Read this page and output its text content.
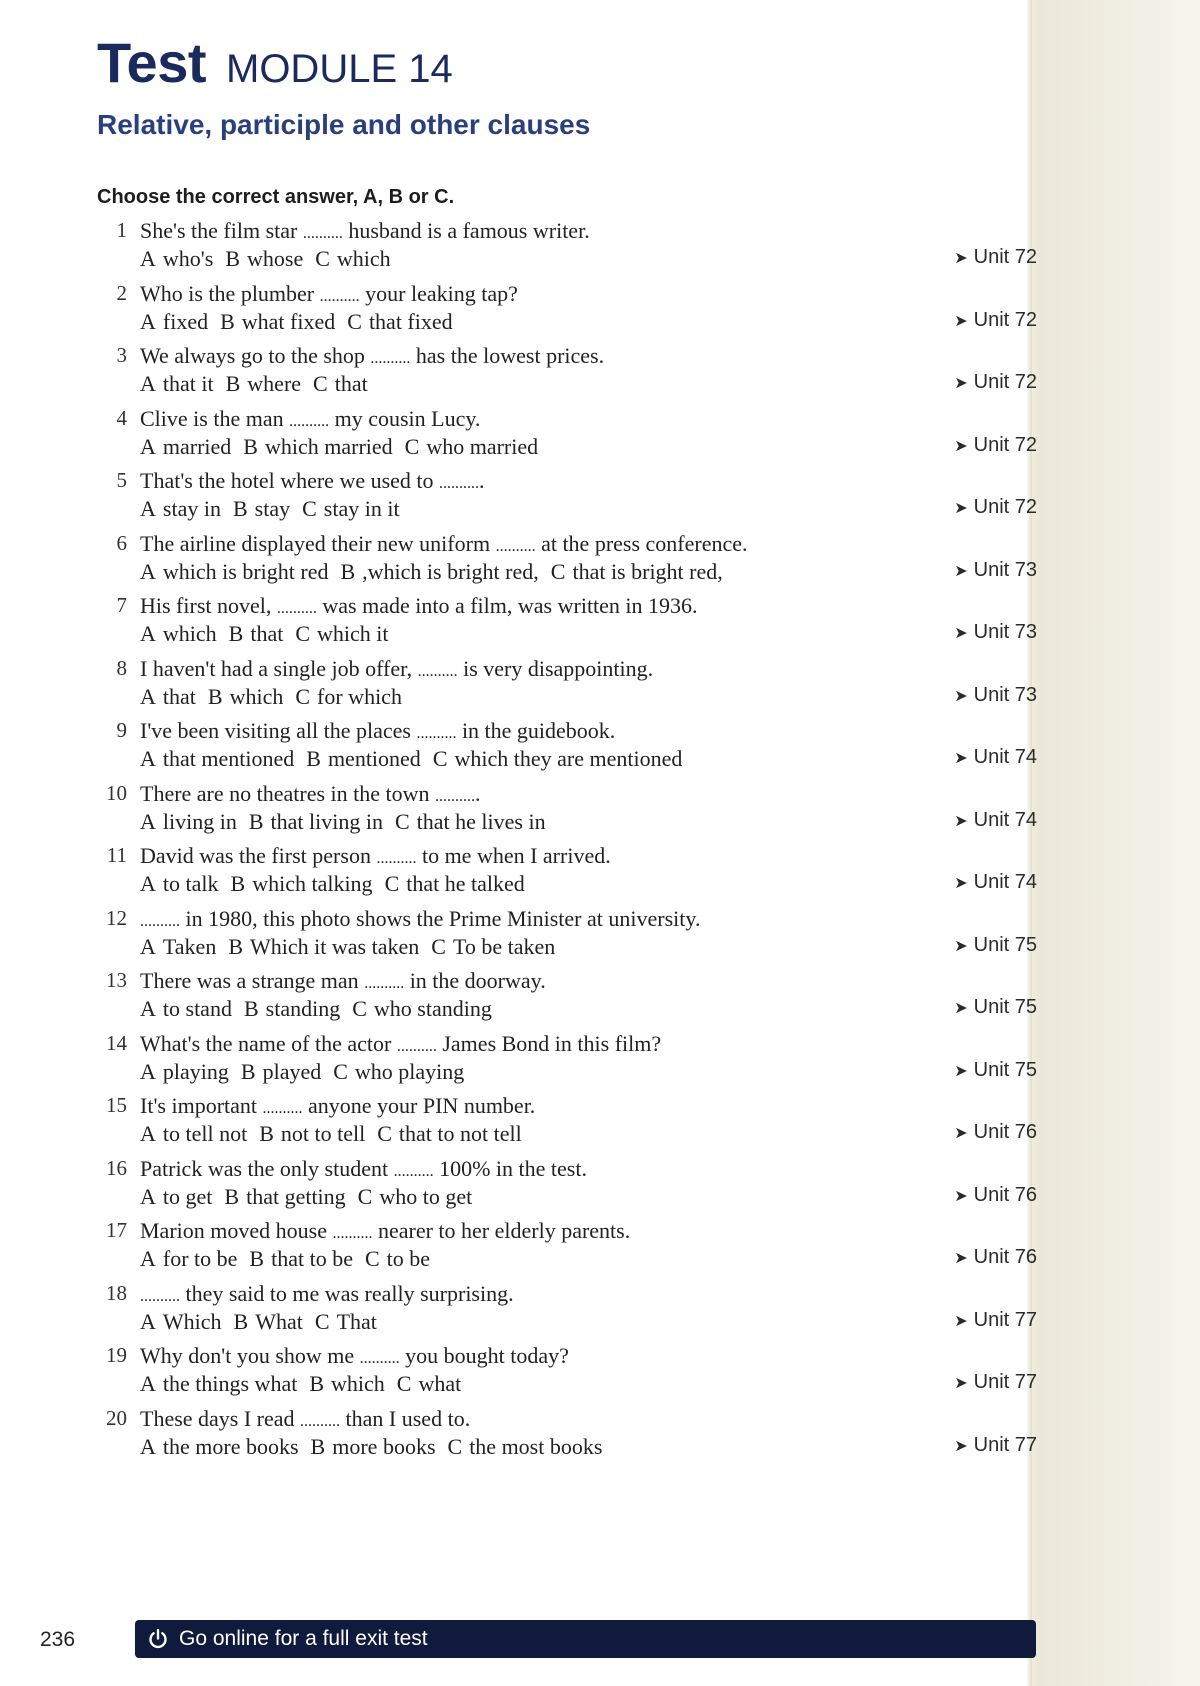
Test MODULE 14
Relative, participle and other clauses
Choose the correct answer, A, B or C.
1 She's the film star .......... husband is a famous writer.
A who's B whose C which	➤ Unit 72
2 Who is the plumber .......... your leaking tap?
A fixed B what fixed C that fixed	➤ Unit 72
3 We always go to the shop .......... has the lowest prices.
A that it B where C that	➤ Unit 72
4 Clive is the man .......... my cousin Lucy.
A married B which married C who married	➤ Unit 72
5 That's the hotel where we used to ...........
A stay in B stay C stay in it	➤ Unit 72
6 The airline displayed their new uniform .......... at the press conference.
A which is bright red B ,which is bright red, C that is bright red,	➤ Unit 73
7 His first novel, .......... was made into a film, was written in 1936.
A which B that C which it	➤ Unit 73
8 I haven't had a single job offer, .......... is very disappointing.
A that B which C for which	➤ Unit 73
9 I've been visiting all the places .......... in the guidebook.
A that mentioned B mentioned C which they are mentioned	➤ Unit 74
10 There are no theatres in the town ...........
A living in B that living in C that he lives in	➤ Unit 74
11 David was the first person .......... to me when I arrived.
A to talk B which talking C that he talked	➤ Unit 74
12 .......... in 1980, this photo shows the Prime Minister at university.
A Taken B Which it was taken C To be taken	➤ Unit 75
13 There was a strange man .......... in the doorway.
A to stand B standing C who standing	➤ Unit 75
14 What's the name of the actor .......... James Bond in this film?
A playing B played C who playing	➤ Unit 75
15 It's important .......... anyone your PIN number.
A to tell not B not to tell C that to not tell	➤ Unit 76
16 Patrick was the only student .......... 100% in the test.
A to get B that getting C who to get	➤ Unit 76
17 Marion moved house .......... nearer to her elderly parents.
A for to be B that to be C to be	➤ Unit 76
18 .......... they said to me was really surprising.
A Which B What C That	➤ Unit 77
19 Why don't you show me .......... you bought today?
A the things what B which C what	➤ Unit 77
20 These days I read .......... than I used to.
A the more books B more books C the most books	➤ Unit 77
236	Go online for a full exit test
